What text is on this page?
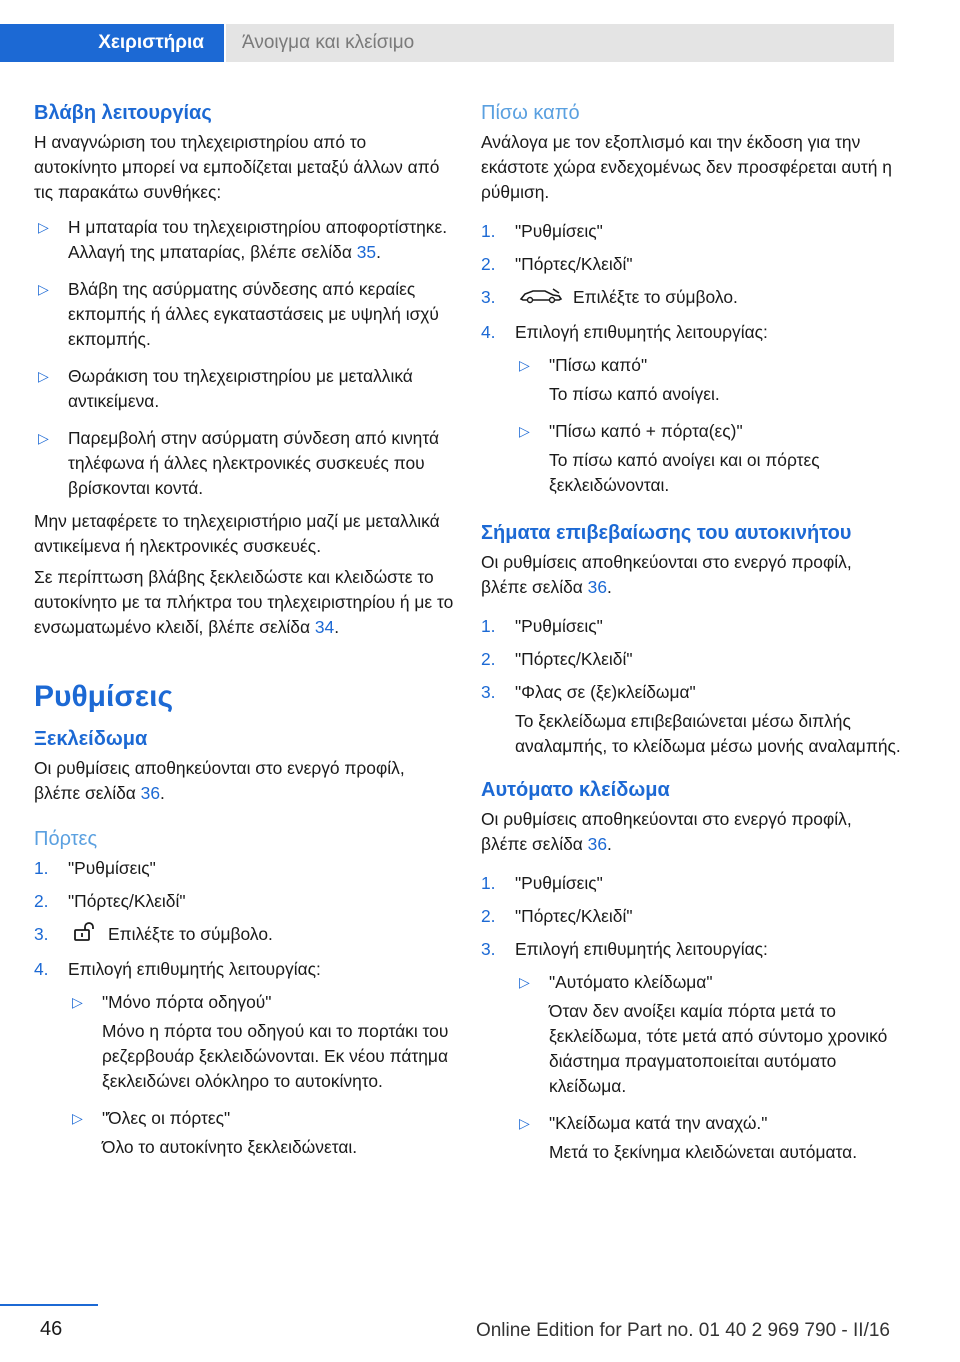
Χειριστήρια	Άνοιγμα και κλείσιμο
Βλάβη λειτουργίας

Η αναγνώριση του τηλεχειριστηρίου από το αυτοκίνητο μπορεί να εμποδίζεται μεταξύ άλλων από τις παρακάτω συνθήκες:

▷ Η μπαταρία του τηλεχειριστηρίου αποφορτίστηκε. Αλλαγή της μπαταρίας, βλέπε σελίδα 35.
▷ Βλάβη της ασύρματης σύνδεσης από κεραίες εκπομπής ή άλλες εγκαταστάσεις με υψηλή ισχύ εκπομπής.
▷ Θωράκιση του τηλεχειριστηρίου με μεταλλικά αντικείμενα.
▷ Παρεμβολή στην ασύρματη σύνδεση από κινητά τηλέφωνα ή άλλες ηλεκτρονικές συσκευές που βρίσκονται κοντά.

Μην μεταφέρετε το τηλεχειριστήριο μαζί με μεταλλικά αντικείμενα ή ηλεκτρονικές συσκευές.

Σε περίπτωση βλάβης ξεκλειδώστε και κλειδώστε το αυτοκίνητο με τα πλήκτρα του τηλεχειριστηρίου ή με το ενσωματωμένο κλειδί, βλέπε σελίδα 34.

Ρυθμίσεις
Ξεκλείδωμα

Οι ρυθμίσεις αποθηκεύονται στο ενεργό προφίλ, βλέπε σελίδα 36.

Πόρτες
1. "Ρυθμίσεις"
2. "Πόρτες/Κλειδί"
3.	Επιλέξτε το σύμβολο.
4. Επιλογή επιθυμητής λειτουργίας:
▷ "Μόνο πόρτα οδηγού"

Μόνο η πόρτα του οδηγού και το πορτάκι του ρεζερβουάρ ξεκλειδώνονται. Εκ νέου πάτημα ξεκλειδώνει ολόκληρο το αυτοκίνητο.

▷ "Όλες οι πόρτες"

Όλο το αυτοκίνητο ξεκλειδώνεται.

Πίσω καπό

Ανάλογα με τον εξοπλισμό και την έκδοση για την εκάστοτε χώρα ενδεχομένως δεν προσφέρεται αυτή η ρύθμιση.

1. "Ρυθμίσεις"
2. "Πόρτες/Κλειδί"
3.	Επιλέξτε το σύμβολο.
4. Επιλογή επιθυμητής λειτουργίας:
▷ "Πίσω καπό"

Το πίσω καπό ανοίγει.

▷ "Πίσω καπό + πόρτα(ες)"

Το πίσω καπό ανοίγει και οι πόρτες ξεκλειδώνονται.

Σήματα επιβεβαίωσης του αυτοκινήτου

Οι ρυθμίσεις αποθηκεύονται στο ενεργό προφίλ, βλέπε σελίδα 36.

1. "Ρυθμίσεις"
2. "Πόρτες/Κλειδί"
3. "Φλας σε (ξε)κλείδωμα"

Το ξεκλείδωμα επιβεβαιώνεται μέσω διπλής αναλαμπής, το κλείδωμα μέσω μονής αναλαμπής.

Αυτόματο κλείδωμα

Οι ρυθμίσεις αποθηκεύονται στο ενεργό προφίλ, βλέπε σελίδα 36.

1. "Ρυθμίσεις"
2. "Πόρτες/Κλειδί"
3. Επιλογή επιθυμητής λειτουργίας:
▷ "Αυτόματο κλείδωμα"

Όταν δεν ανοίξει καμία πόρτα μετά το ξεκλείδωμα, τότε μετά από σύντομο χρονικό διάστημα πραγματοποιείται αυτόματο κλείδωμα.

▷ "Κλείδωμα κατά την αναχώ."

Μετά το ξεκίνημα κλειδώνεται αυτόματα.

46	Online Edition for Part no. 01 40 2 969 790 - II/16
